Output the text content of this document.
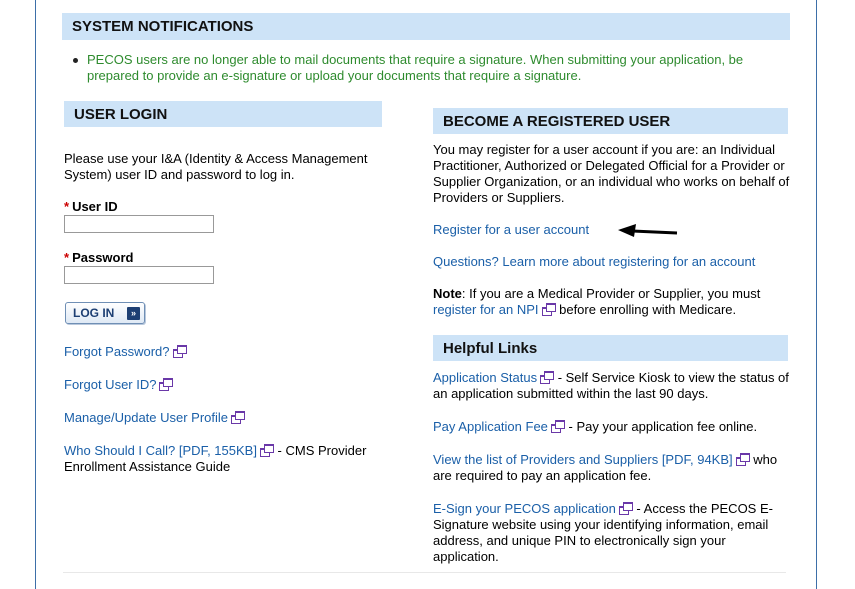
SYSTEM NOTIFICATIONS
PECOS users are no longer able to mail documents that require a signature. When submitting your application, be prepared to provide an e-signature or upload your documents that require a signature.
USER LOGIN
Please use your I&A (Identity & Access Management System) user ID and password to log in.
* User ID
* Password
LOG IN	»
Forgot Password?
Forgot User ID?
Manage/Update User Profile
Who Should I Call? [PDF, 155KB]
- CMS Provider Enrollment Assistance Guide
BECOME A REGISTERED USER
You may register for a user account if you are: an Individual Practitioner, Authorized or Delegated Official for a Provider or Supplier Organization, or an individual who works on behalf of Providers or Suppliers.
Register for a user account
Questions? Learn more about registering for an account
Note: If you are a Medical Provider or Supplier, you must register for an NPI
before enrolling with Medicare.
Helpful Links
Application Status
- Self Service Kiosk to view the status of an application submitted within the last 90 days.
Pay Application Fee
- Pay your application fee online.
View the list of Providers and Suppliers [PDF, 94KB]
who are required to pay an application fee.
E-Sign your PECOS application
- Access the PECOS E-Signature website using your identifying information, email address, and unique PIN to electronically sign your application.
